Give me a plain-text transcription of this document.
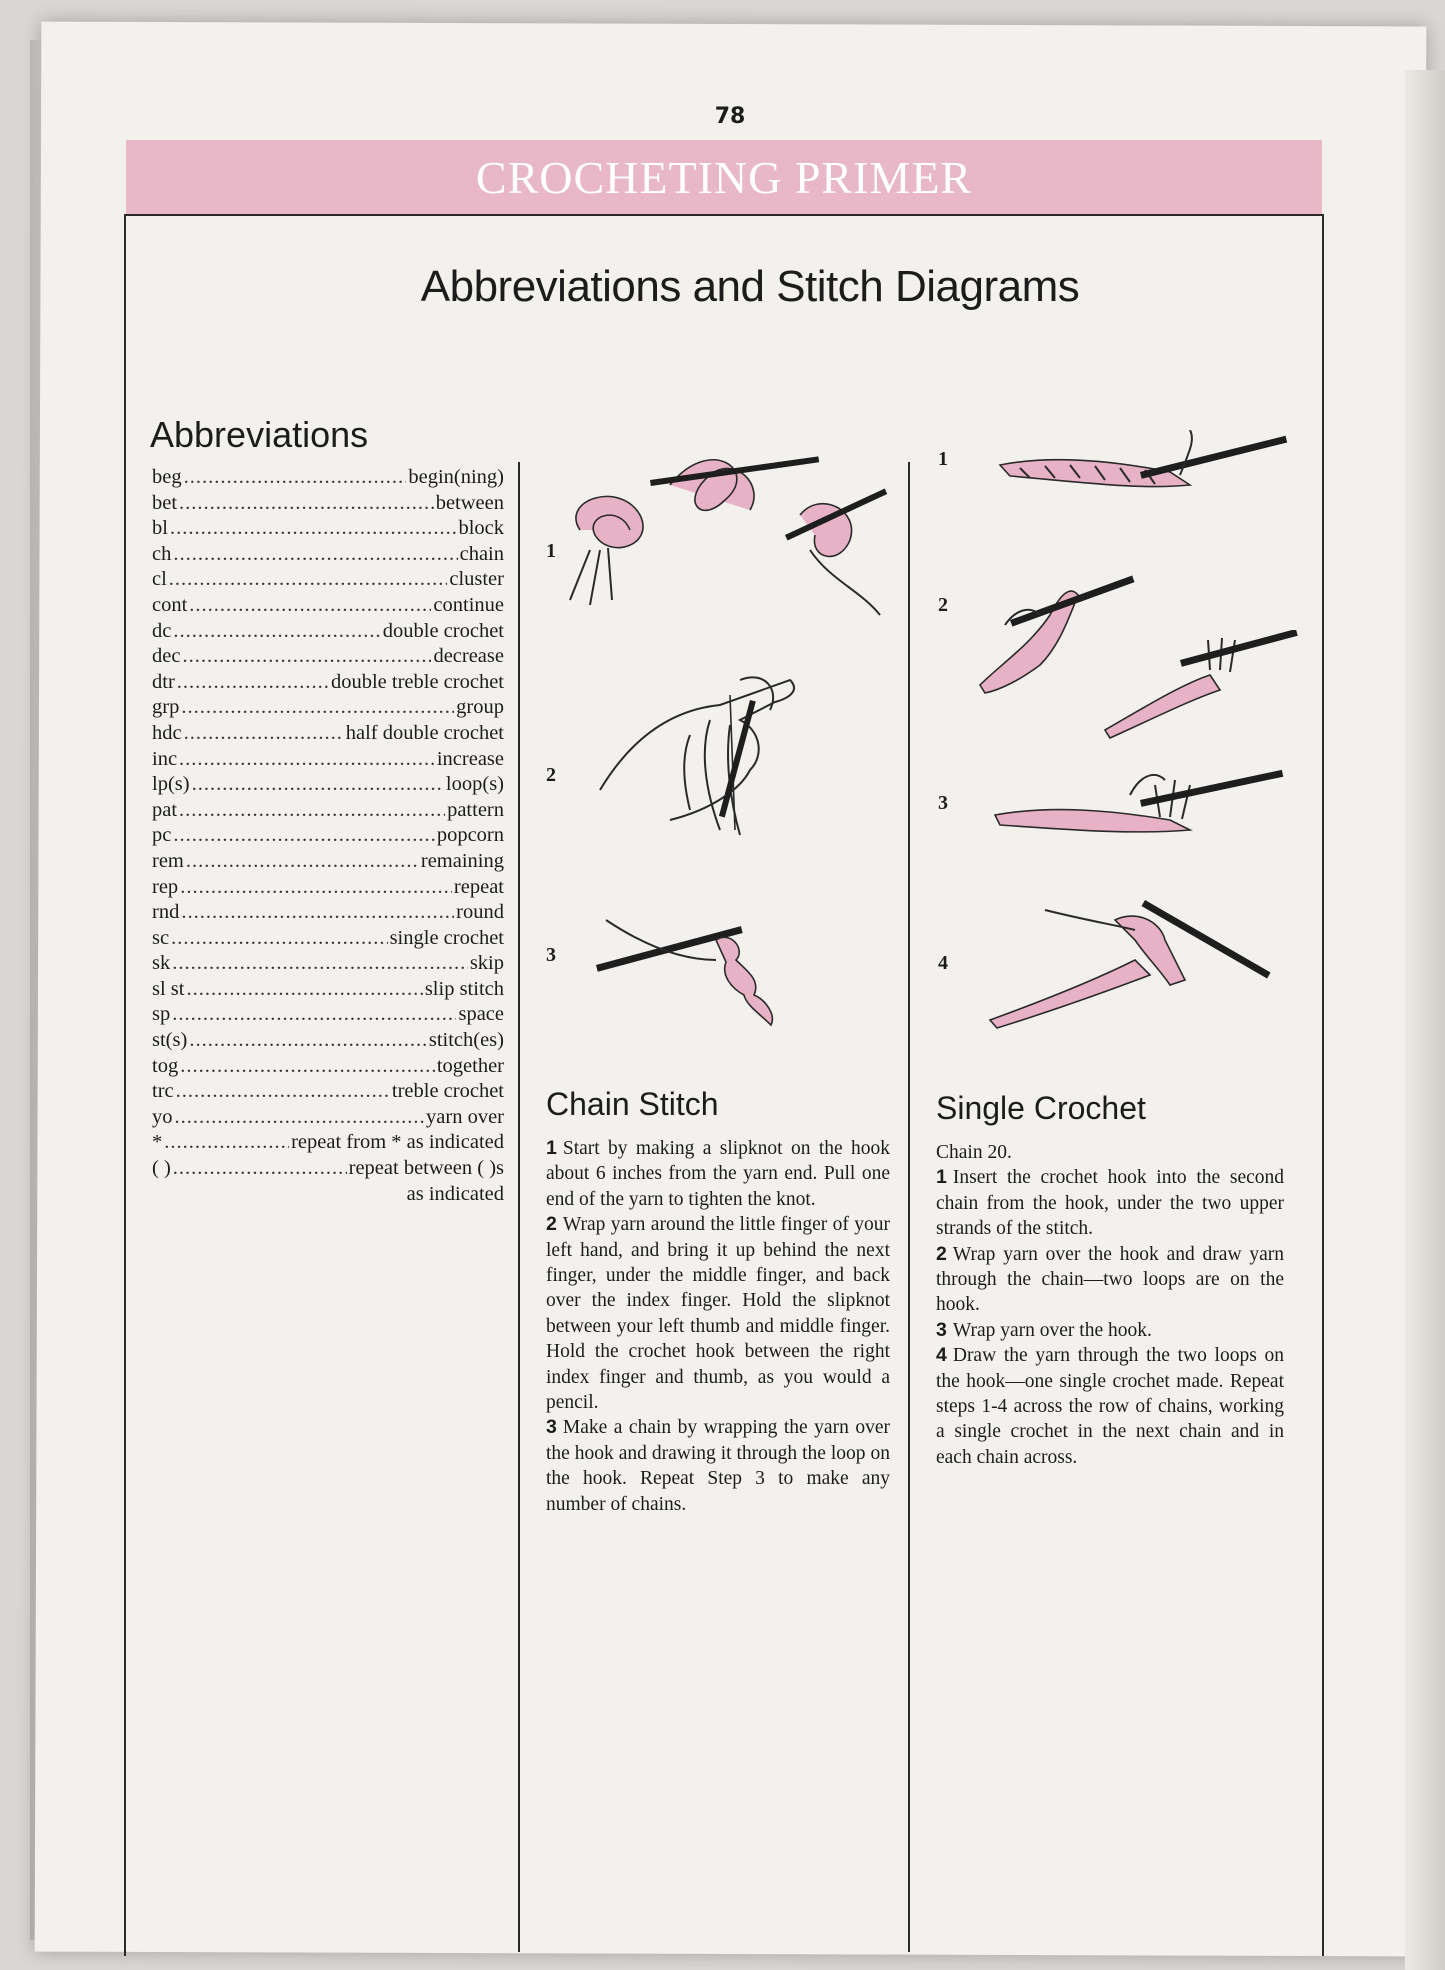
78
CROCHETING PRIMER
Abbreviations and Stitch Diagrams
Abbreviations
beg .....	begin(ning)
bet .....	between
bl .....	block
ch .....	chain
cl .....	cluster
cont .....	continue
dc .....	double crochet
dec .....	decrease
dtr .....	double treble crochet
grp .....	group
hdc .....	half double crochet
inc .....	increase
lp(s) .....	loop(s)
pat .....	pattern
pc .....	popcorn
rem .....	remaining
rep .....	repeat
rnd .....	round
sc .....	single crochet
sk .....	skip
sl st .....	slip stitch
sp .....	space
st(s) .....	stitch(es)
tog .....	together
trc .....	treble crochet
yo .....	yarn over
* .....	repeat from * as indicated
( ) .....	repeat between ( )s
as indicated
1
2
3
1
2
3
4
Chain Stitch

1 Start by making a slipknot on the hook about 6 inches from the yarn end. Pull one end of the yarn to tighten the knot.

2 Wrap yarn around the little finger of your left hand, and bring it up behind the next finger, under the middle finger, and back over the index finger. Hold the slipknot between your left thumb and middle finger. Hold the crochet hook between the right index finger and thumb, as you would a pencil.

3 Make a chain by wrapping the yarn over the hook and drawing it through the loop on the hook. Repeat Step 3 to make any number of chains.

Single Crochet

Chain 20.

1 Insert the crochet hook into the second chain from the hook, under the two upper strands of the stitch.

2 Wrap yarn over the hook and draw yarn through the chain—two loops are on the hook.

3 Wrap yarn over the hook.

4 Draw the yarn through the two loops on the hook—one single crochet made. Repeat steps 1-4 across the row of chains, working a single crochet in the next chain and in each chain across.
